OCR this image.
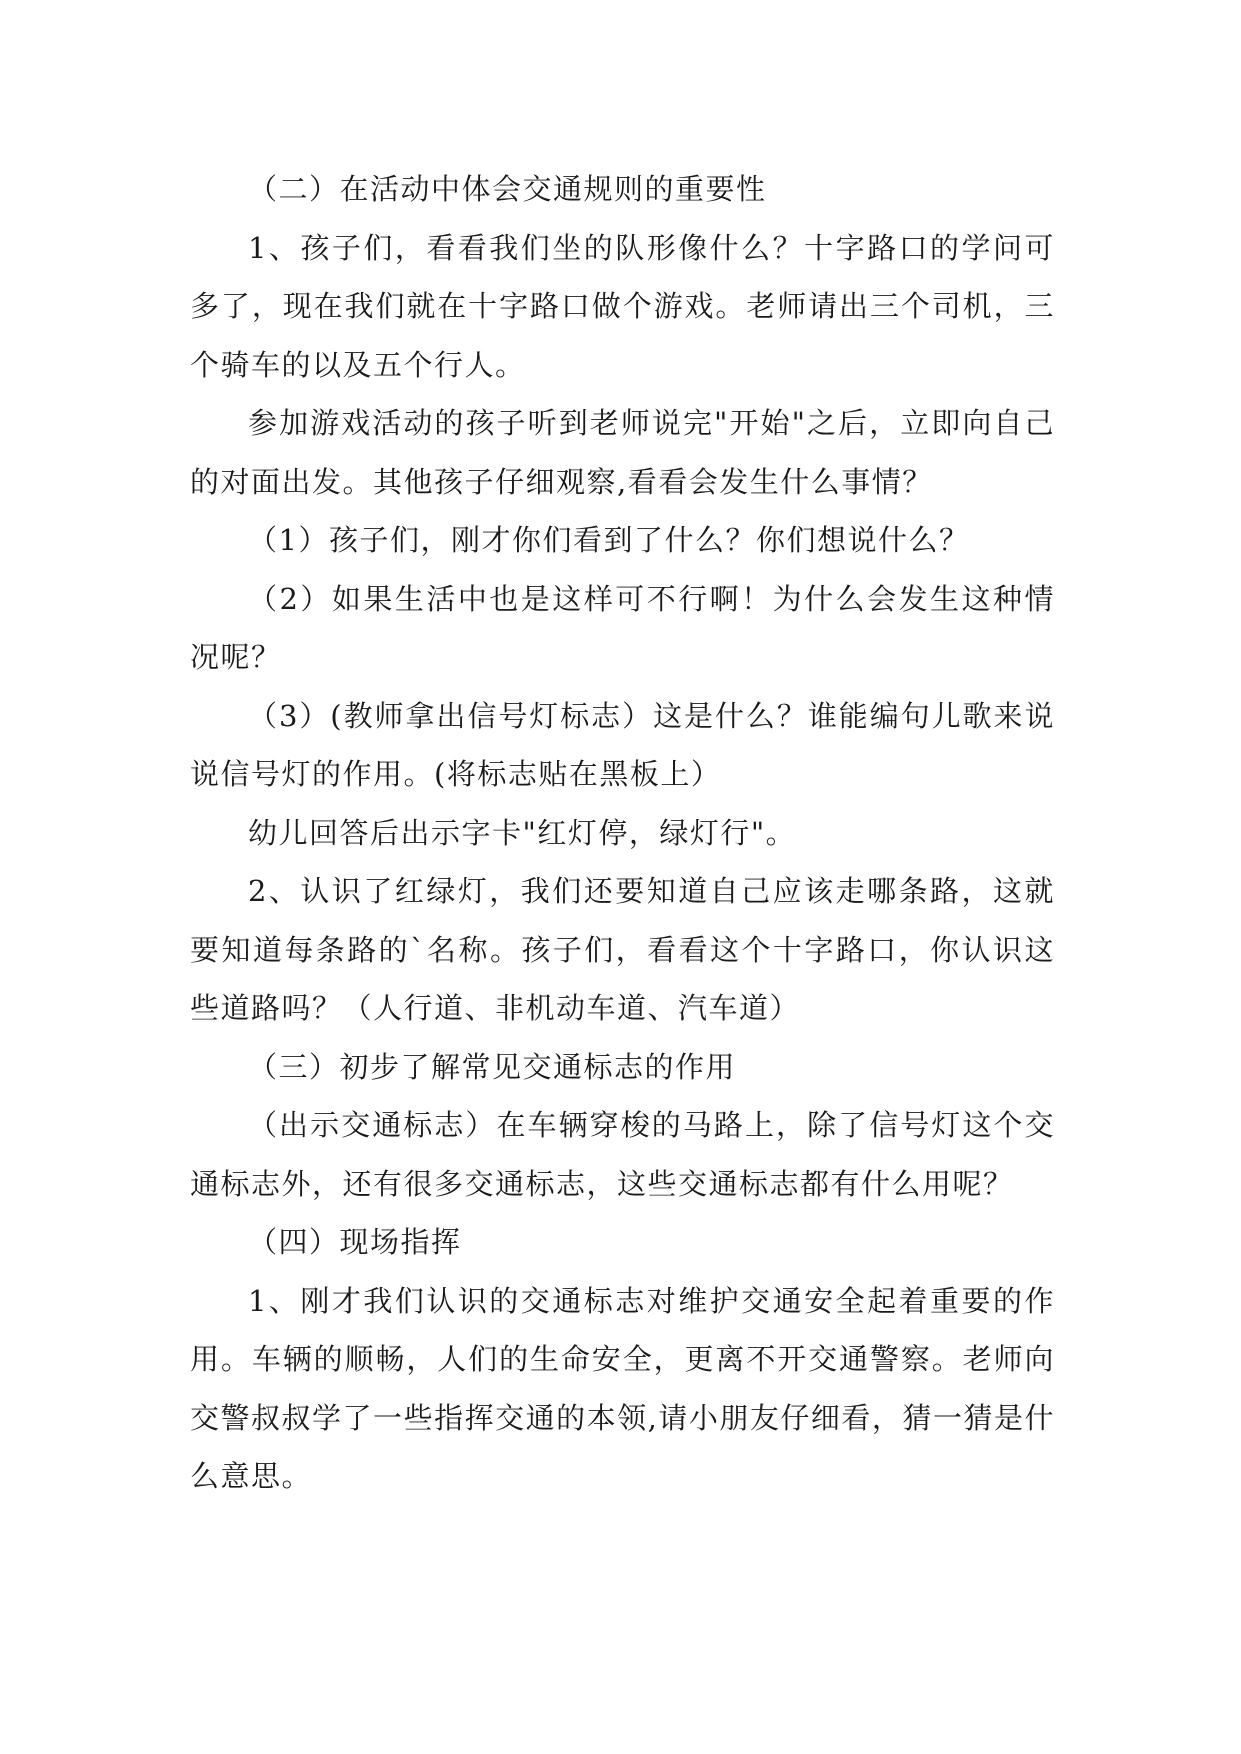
（二）在活动中体会交通规则的重要性

1、孩子们，看看我们坐的队形像什么？十字路口的学问可多了，现在我们就在十字路口做个游戏。老师请出三个司机，三个骑车的以及五个行人。

参加游戏活动的孩子听到老师说完"开始"之后，立即向自己的对面出发。其他孩子仔细观察,看看会发生什么事情？

（1）孩子们，刚才你们看到了什么？你们想说什么？

（2）如果生活中也是这样可不行啊！为什么会发生这种情况呢？

（3）(教师拿出信号灯标志）这是什么？谁能编句儿歌来说说信号灯的作用。(将标志贴在黑板上）

幼儿回答后出示字卡"红灯停，绿灯行"。

2、认识了红绿灯，我们还要知道自己应该走哪条路，这就要知道每条路的`名称。孩子们，看看这个十字路口，你认识这些道路吗？（人行道、非机动车道、汽车道）

（三）初步了解常见交通标志的作用

（出示交通标志）在车辆穿梭的马路上，除了信号灯这个交通标志外，还有很多交通标志，这些交通标志都有什么用呢？

（四）现场指挥

1、刚才我们认识的交通标志对维护交通安全起着重要的作用。车辆的顺畅，人们的生命安全，更离不开交通警察。老师向交警叔叔学了一些指挥交通的本领,请小朋友仔细看，猜一猜是什么意思。
